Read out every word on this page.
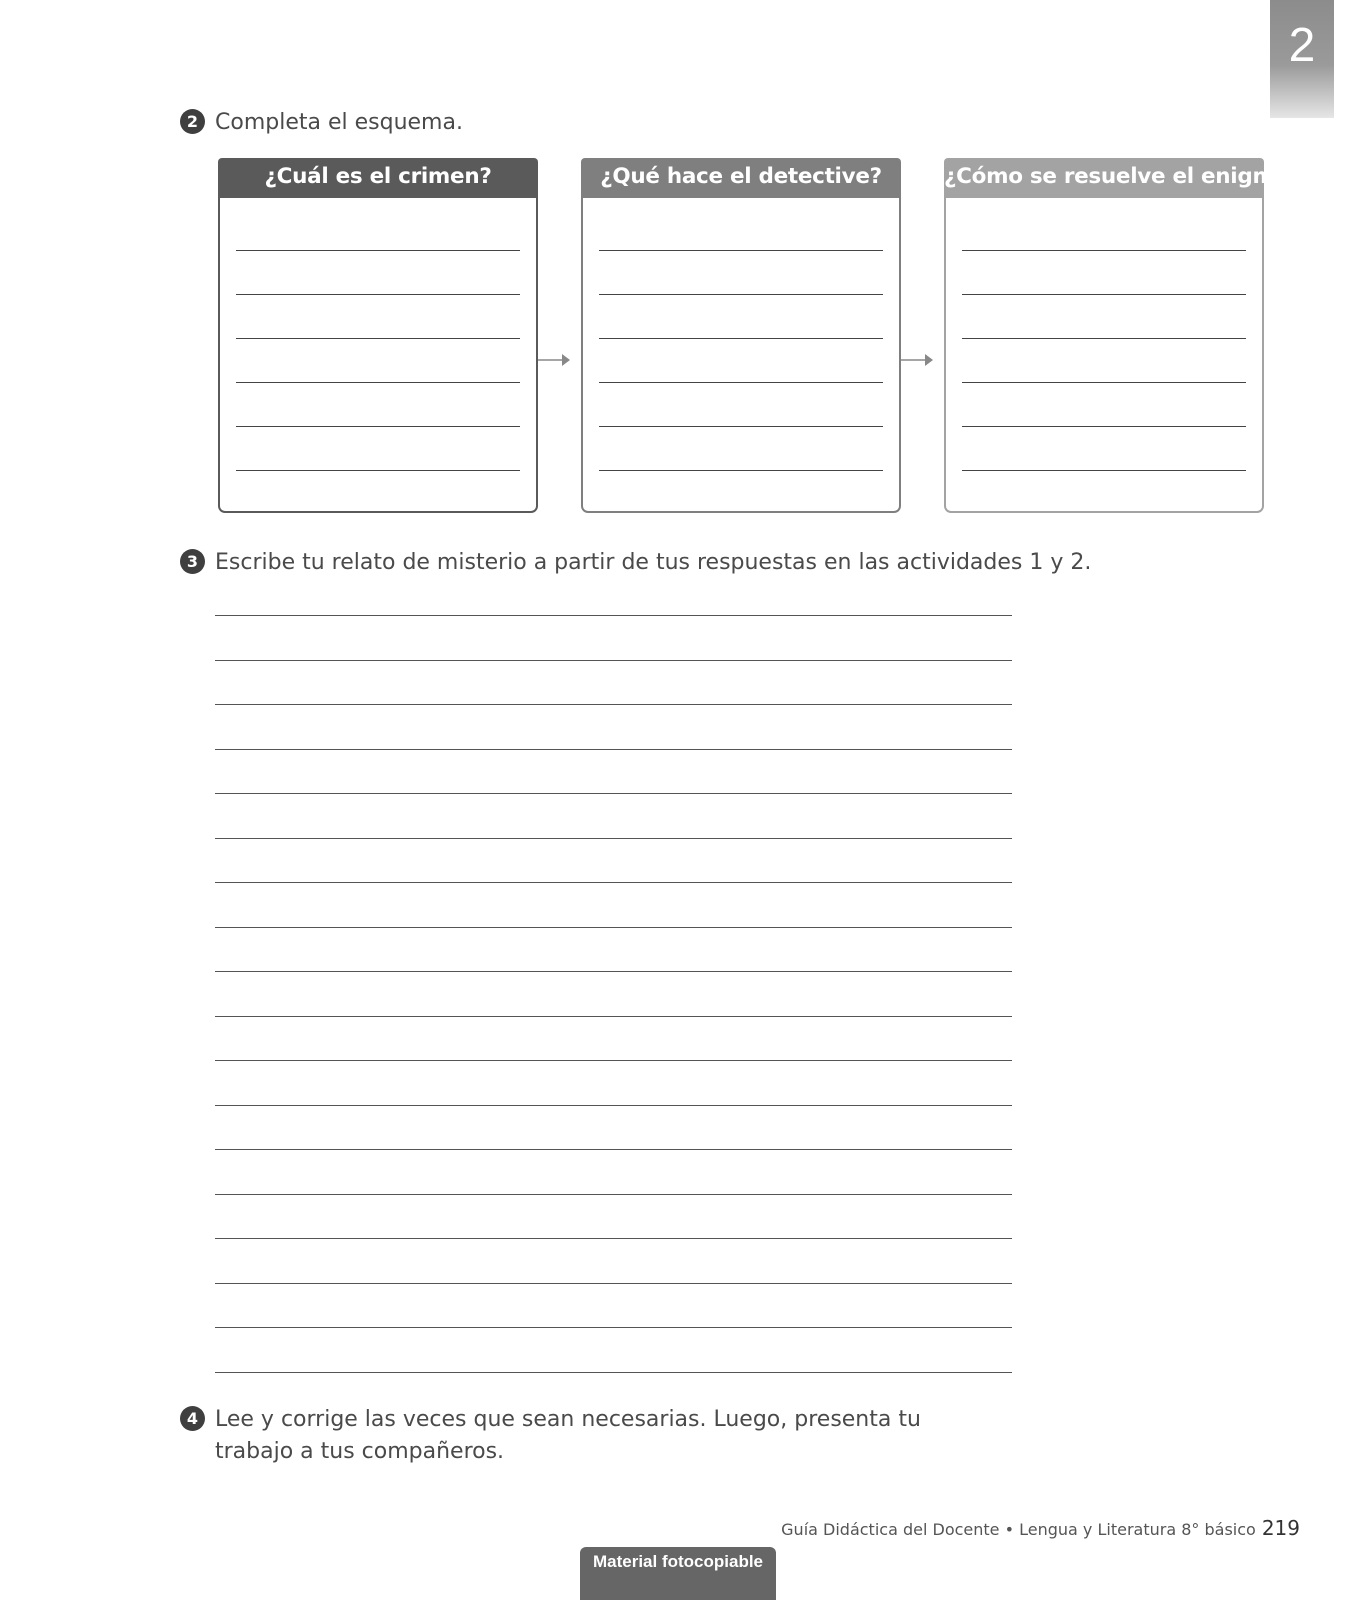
2
2 Completa el esquema.
¿Cuál es el crimen?	¿Qué hace el detective?	¿Cómo se resuelve el enigma?
3 Escribe tu relato de misterio a partir de tus respuestas en las actividades 1 y 2.
4 Lee y corrige las veces que sean necesarias. Luego, presenta tu trabajo a tus compañeros.
Guía Didáctica del Docente • Lengua y Literatura 8° básico 219
Material fotocopiable
